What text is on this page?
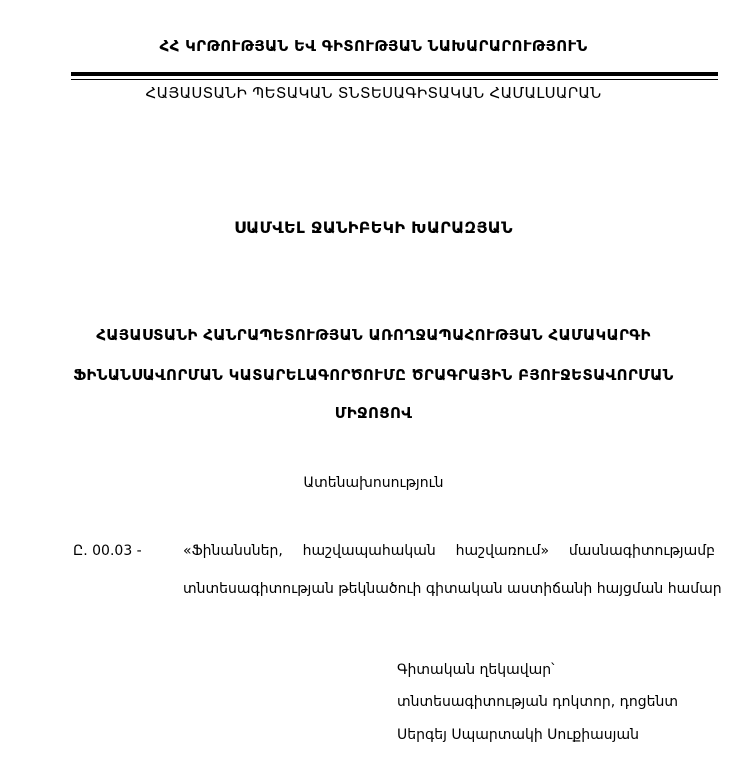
ՀՀ ԿՐԹՈՒԹՅԱՆ ԵՎ ԳԻՏՈՒԹՅԱՆ ՆԱԽԱՐԱՐՈՒԹՅՈՒՆ
ՀԱՅԱՍՏԱՆԻ ՊԵՏԱԿԱՆ ՏՆՏԵՍԱԳԻՏԱԿԱՆ ՀԱՄԱԼՍԱՐԱՆ
ՍԱՄՎԵԼ ՋԱՆԻԲԵԿԻ ԽԱՐԱԶՅԱՆ
ՀԱՅԱՍՏԱՆԻ ՀԱՆՐԱՊԵՏՈՒԹՅԱՆ ԱՌՈՂՋԱՊԱՀՈՒԹՅԱՆ ՀԱՄԱԿԱՐԳԻ
ՖԻՆԱՆՍԱՎՈՐՄԱՆ ԿԱՏԱՐԵԼԱԳՈՐԾՈՒՄԸ ԾՐԱԳՐԱՅԻՆ ԲՅՈՒՋԵՏԱՎՈՐՄԱՆ
ՄԻՋՈՑՈՎ
Ատենախոսություն
Ը. 00.03 -	«Ֆինանսներ, հաշվապահական հաշվառում» մասնագիտությամբ
տնտեսագիտության թեկնածուի գիտական աստիճանի հայցման համար
Գիտական ղեկավար՝
տնտեսագիտության դոկտոր, դոցենտ
Սերգեյ Սպարտակի Սուքիասյան
